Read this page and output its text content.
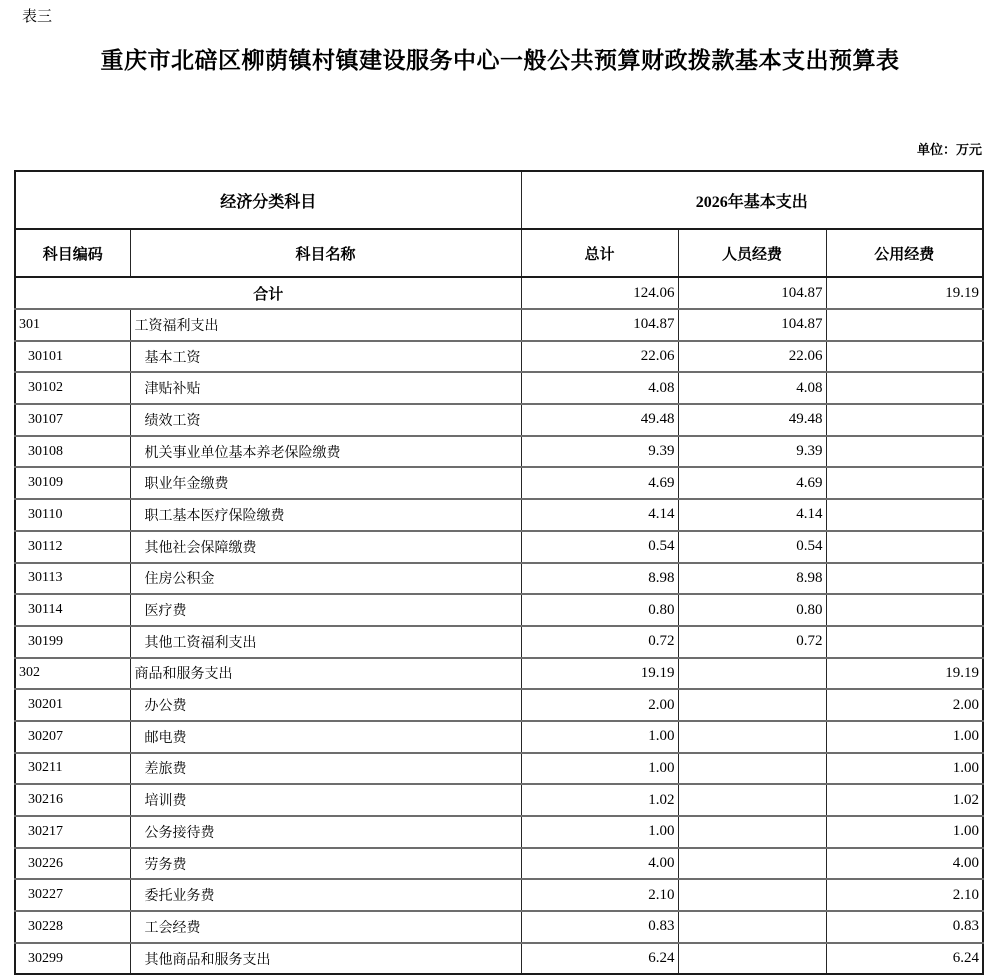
表三
重庆市北碚区柳荫镇村镇建设服务中心一般公共预算财政拨款基本支出预算表
单位：万元
经济分类科目		2026年基本支出		
科目编码	科目名称	总计	人员经费	公用经费
合计		124.06	104.87	19.19
301	工资福利支出	104.87	104.87	
30101	基本工资	22.06	22.06	
30102	津贴补贴	4.08	4.08	
30107	绩效工资	49.48	49.48	
30108	机关事业单位基本养老保险缴费	9.39	9.39	
30109	职业年金缴费	4.69	4.69	
30110	职工基本医疗保险缴费	4.14	4.14	
30112	其他社会保障缴费	0.54	0.54	
30113	住房公积金	8.98	8.98	
30114	医疗费	0.80	0.80	
30199	其他工资福利支出	0.72	0.72	
302	商品和服务支出	19.19		19.19
30201	办公费	2.00		2.00
30207	邮电费	1.00		1.00
30211	差旅费	1.00		1.00
30216	培训费	1.02		1.02
30217	公务接待费	1.00		1.00
30226	劳务费	4.00		4.00
30227	委托业务费	2.10		2.10
30228	工会经费	0.83		0.83
30299	其他商品和服务支出	6.24		6.24
